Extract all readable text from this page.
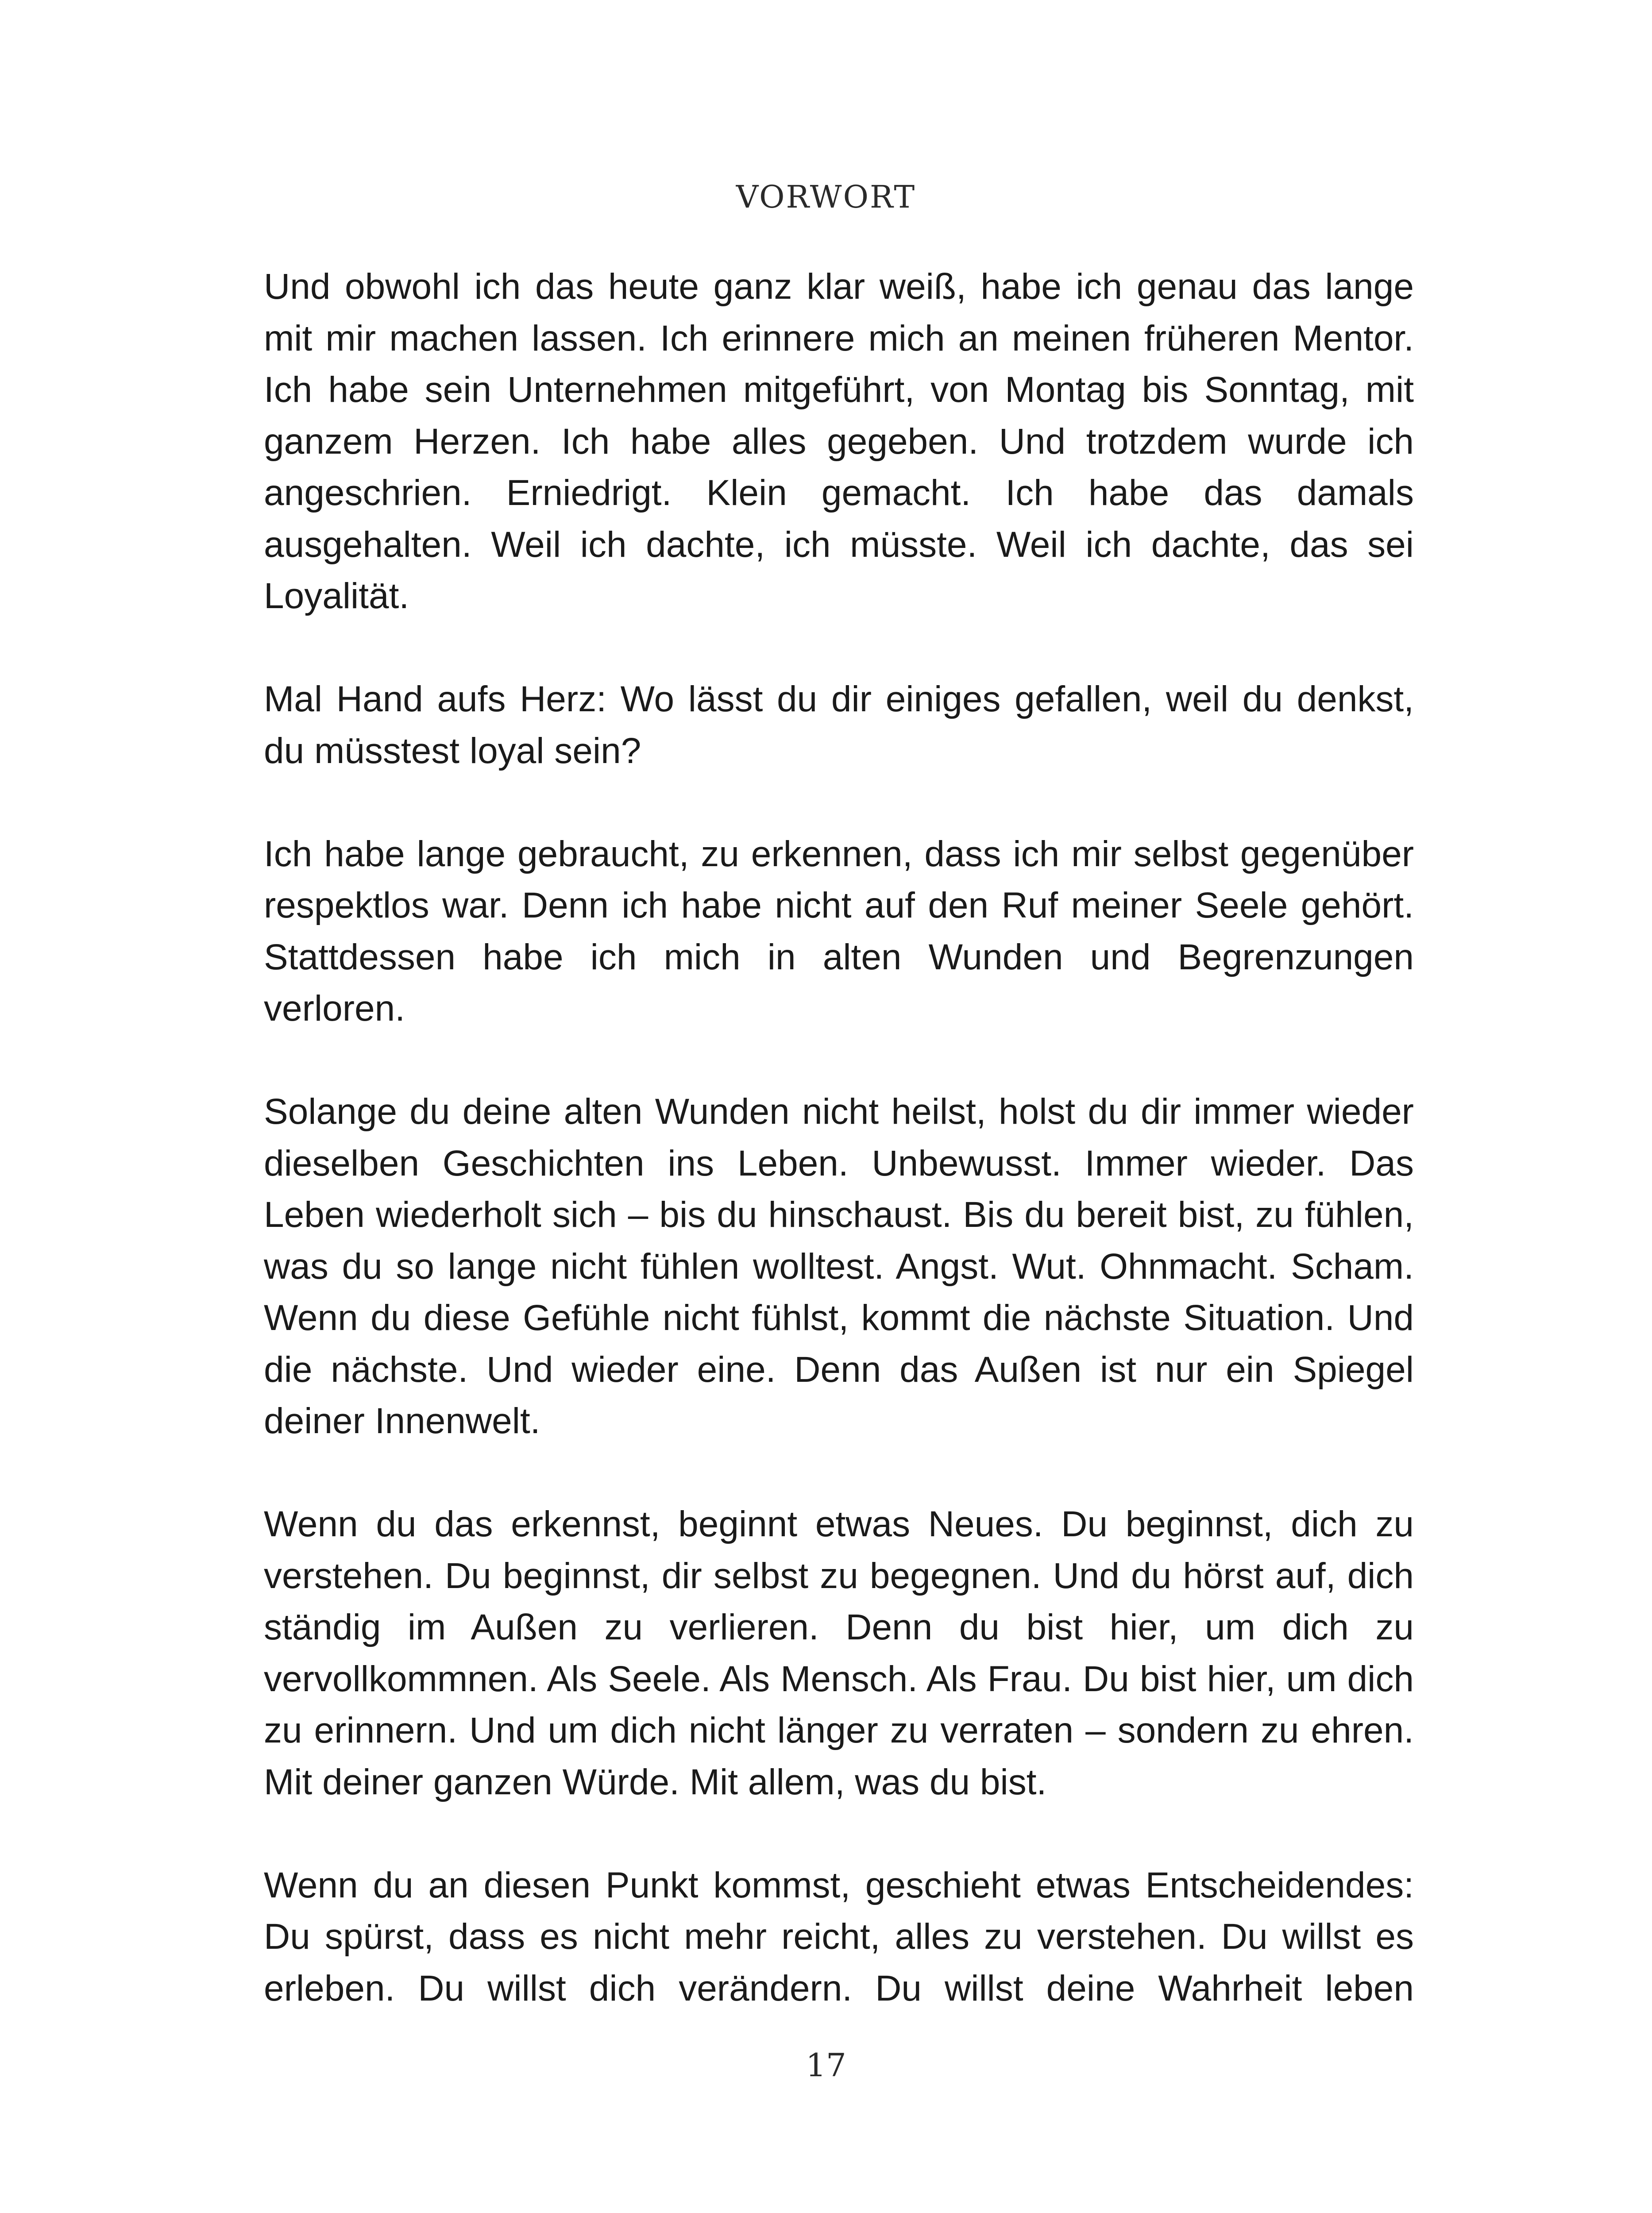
VORWORT

Und obwohl ich das heute ganz klar weiß, habe ich genau das lange mit mir machen lassen. Ich erinnere mich an meinen früheren Mentor. Ich habe sein Unternehmen mitgeführt, von Montag bis Sonntag, mit ganzem Herzen. Ich habe alles gegeben. Und trotzdem wurde ich angeschrien. Erniedrigt. Klein gemacht. Ich habe das damals ausgehalten. Weil ich dachte, ich müsste. Weil ich dachte, das sei Loyalität.

Mal Hand aufs Herz: Wo lässt du dir einiges gefallen, weil du denkst, du müsstest loyal sein?

Ich habe lange gebraucht, zu erkennen, dass ich mir selbst gegenüber respektlos war. Denn ich habe nicht auf den Ruf meiner Seele gehört. Stattdessen habe ich mich in alten Wunden und Begrenzungen verloren.

Solange du deine alten Wunden nicht heilst, holst du dir immer wieder dieselben Geschichten ins Leben. Unbewusst. Immer wieder. Das Leben wiederholt sich – bis du hinschaust. Bis du bereit bist, zu fühlen, was du so lange nicht fühlen wolltest. Angst. Wut. Ohnmacht. Scham. Wenn du diese Gefühle nicht fühlst, kommt die nächste Situation. Und die nächste. Und wieder eine. Denn das Außen ist nur ein Spiegel deiner Innenwelt.

Wenn du das erkennst, beginnt etwas Neues. Du beginnst, dich zu verstehen. Du beginnst, dir selbst zu begegnen. Und du hörst auf, dich ständig im Außen zu verlieren. Denn du bist hier, um dich zu vervollkommnen. Als Seele. Als Mensch. Als Frau. Du bist hier, um dich zu erinnern. Und um dich nicht länger zu verraten – sondern zu ehren. Mit deiner ganzen Würde. Mit allem, was du bist.

Wenn du an diesen Punkt kommst, geschieht etwas Entscheidendes: Du spürst, dass es nicht mehr reicht, alles zu verstehen. Du willst es erleben. Du willst dich verändern. Du willst deine Wahrheit leben

17
